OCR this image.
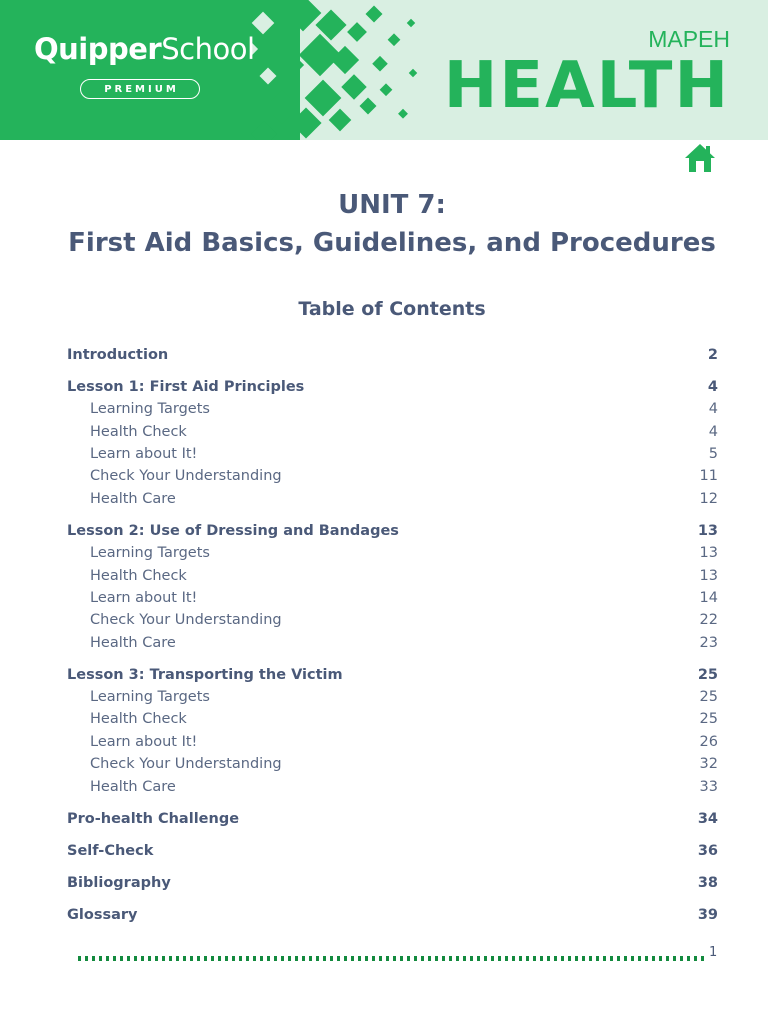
QuipperSchool
PREMIUM
MAPEH
HEALTH
UNIT 7:
First Aid Basics, Guidelines, and Procedures
Table of Contents
Introduction	2
Lesson 1: First Aid Principles	4
Learning Targets	4
Health Check	4
Learn about It!	5
Check Your Understanding	11
Health Care	12
Lesson 2: Use of Dressing and Bandages	13
Learning Targets	13
Health Check	13
Learn about It!	14
Check Your Understanding	22
Health Care	23
Lesson 3: Transporting the Victim	25
Learning Targets	25
Health Check	25
Learn about It!	26
Check Your Understanding	32
Health Care	33
Pro-health Challenge	34
Self-Check	36
Bibliography	38
Glossary	39
1
